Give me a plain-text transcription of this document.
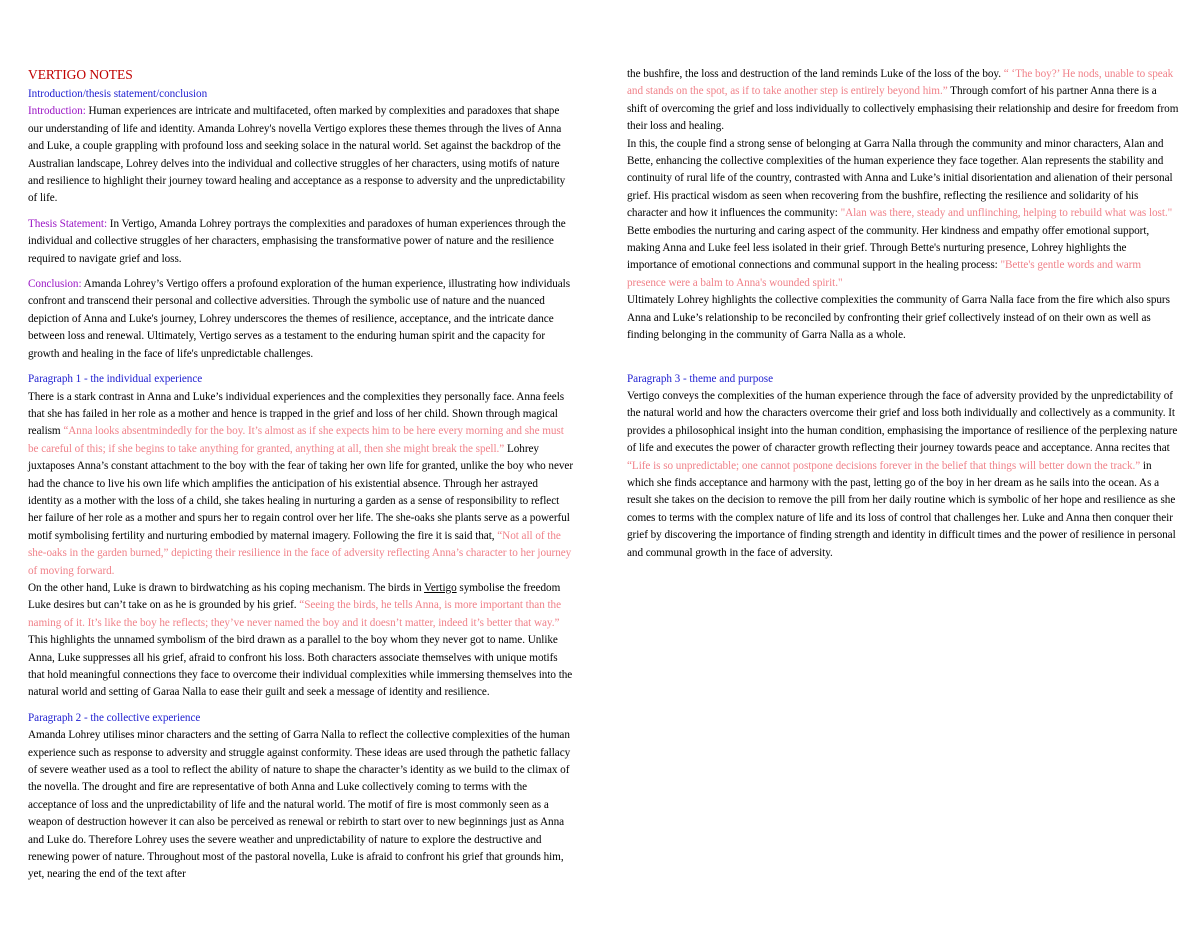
VERTIGO NOTES

Introduction/thesis statement/conclusion

Introduction: Human experiences are intricate and multifaceted, often marked by complexities and paradoxes that shape our understanding of life and identity. Amanda Lohrey's novella Vertigo explores these themes through the lives of Anna and Luke, a couple grappling with profound loss and seeking solace in the natural world. Set against the backdrop of the Australian landscape, Lohrey delves into the individual and collective struggles of her characters, using motifs of nature and resilience to highlight their journey toward healing and acceptance as a response to adversity and the unpredictability of life.

Thesis Statement: In Vertigo, Amanda Lohrey portrays the complexities and paradoxes of human experiences through the individual and collective struggles of her characters, emphasising the transformative power of nature and the resilience required to navigate grief and loss.

Conclusion: Amanda Lohrey’s Vertigo offers a profound exploration of the human experience, illustrating how individuals confront and transcend their personal and collective adversities. Through the symbolic use of nature and the nuanced depiction of Anna and Luke's journey, Lohrey underscores the themes of resilience, acceptance, and the intricate dance between loss and renewal. Ultimately, Vertigo serves as a testament to the enduring human spirit and the capacity for growth and healing in the face of life's unpredictable challenges.

Paragraph 1 - the individual experience

There is a stark contrast in Anna and Luke’s individual experiences and the complexities they personally face. Anna feels that she has failed in her role as a mother and hence is trapped in the grief and loss of her child. Shown through magical realism “Anna looks absentmindedly for the boy. It’s almost as if she expects him to be here every morning and she must be careful of this; if she begins to take anything for granted, anything at all, then she might break the spell.” Lohrey juxtaposes Anna’s constant attachment to the boy with the fear of taking her own life for granted, unlike the boy who never had the chance to live his own life which amplifies the anticipation of his existential absence. Through her astrayed identity as a mother with the loss of a child, she takes healing in nurturing a garden as a sense of responsibility to reflect her failure of her role as a mother and spurs her to regain control over her life. The she-oaks she plants serve as a powerful motif symbolising fertility and nurturing embodied by maternal imagery. Following the fire it is said that, “Not all of the she-oaks in the garden burned,” depicting their resilience in the face of adversity reflecting Anna’s character to her journey of moving forward.

On the other hand, Luke is drawn to birdwatching as his coping mechanism. The birds in Vertigo symbolise the freedom Luke desires but can’t take on as he is grounded by his grief. “Seeing the birds, he tells Anna, is more important than the naming of it. It’s like the boy he reflects; they’ve never named the boy and it doesn’t matter, indeed it’s better that way.” This highlights the unnamed symbolism of the bird drawn as a parallel to the boy whom they never got to name. Unlike Anna, Luke suppresses all his grief, afraid to confront his loss. Both characters associate themselves with unique motifs that hold meaningful connections they face to overcome their individual complexities while immersing themselves into the natural world and setting of Garaa Nalla to ease their guilt and seek a message of identity and resilience.

Paragraph 2 - the collective experience

Amanda Lohrey utilises minor characters and the setting of Garra Nalla to reflect the collective complexities of the human experience such as response to adversity and struggle against conformity. These ideas are used through the pathetic fallacy of severe weather used as a tool to reflect the ability of nature to shape the character’s identity as we build to the climax of the novella. The drought and fire are representative of both Anna and Luke collectively coming to terms with the acceptance of loss and the unpredictability of life and the natural world. The motif of fire is most commonly seen as a weapon of destruction however it can also be perceived as renewal or rebirth to start over to new beginnings just as Anna and Luke do. Therefore Lohrey uses the severe weather and unpredictability of nature to explore the destructive and renewing power of nature. Throughout most of the pastoral novella, Luke is afraid to confront his grief that grounds him, yet, nearing the end of the text after

the bushfire, the loss and destruction of the land reminds Luke of the loss of the boy. “ ‘The boy?’ He nods, unable to speak and stands on the spot, as if to take another step is entirely beyond him.” Through comfort of his partner Anna there is a shift of overcoming the grief and loss individually to collectively emphasising their relationship and desire for freedom from their loss and healing.

In this, the couple find a strong sense of belonging at Garra Nalla through the community and minor characters, Alan and Bette, enhancing the collective complexities of the human experience they face together. Alan represents the stability and continuity of rural life of the country, contrasted with Anna and Luke’s initial disorientation and alienation of their personal grief. His practical wisdom as seen when recovering from the bushfire, reflecting the resilience and solidarity of his character and how it influences the community: "Alan was there, steady and unflinching, helping to rebuild what was lost." Bette embodies the nurturing and caring aspect of the community. Her kindness and empathy offer emotional support, making Anna and Luke feel less isolated in their grief. Through Bette's nurturing presence, Lohrey highlights the importance of emotional connections and communal support in the healing process: "Bette's gentle words and warm presence were a balm to Anna's wounded spirit."

Ultimately Lohrey highlights the collective complexities the community of Garra Nalla face from the fire which also spurs Anna and Luke’s relationship to be reconciled by confronting their grief collectively instead of on their own as well as finding belonging in the community of Garra Nalla as a whole.

Paragraph 3 - theme and purpose

Vertigo conveys the complexities of the human experience through the face of adversity provided by the unpredictability of the natural world and how the characters overcome their grief and loss both individually and collectively as a community. It provides a philosophical insight into the human condition, emphasising the importance of resilience of the perplexing nature of life and executes the power of character growth reflecting their journey towards peace and acceptance. Anna recites that “Life is so unpredictable; one cannot postpone decisions forever in the belief that things will better down the track.” in which she finds acceptance and harmony with the past, letting go of the boy in her dream as he sails into the ocean. As a result she takes on the decision to remove the pill from her daily routine which is symbolic of her hope and resilience as she comes to terms with the complex nature of life and its loss of control that challenges her. Luke and Anna then conquer their grief by discovering the importance of finding strength and identity in difficult times and the power of resilience in personal and communal growth in the face of adversity.
